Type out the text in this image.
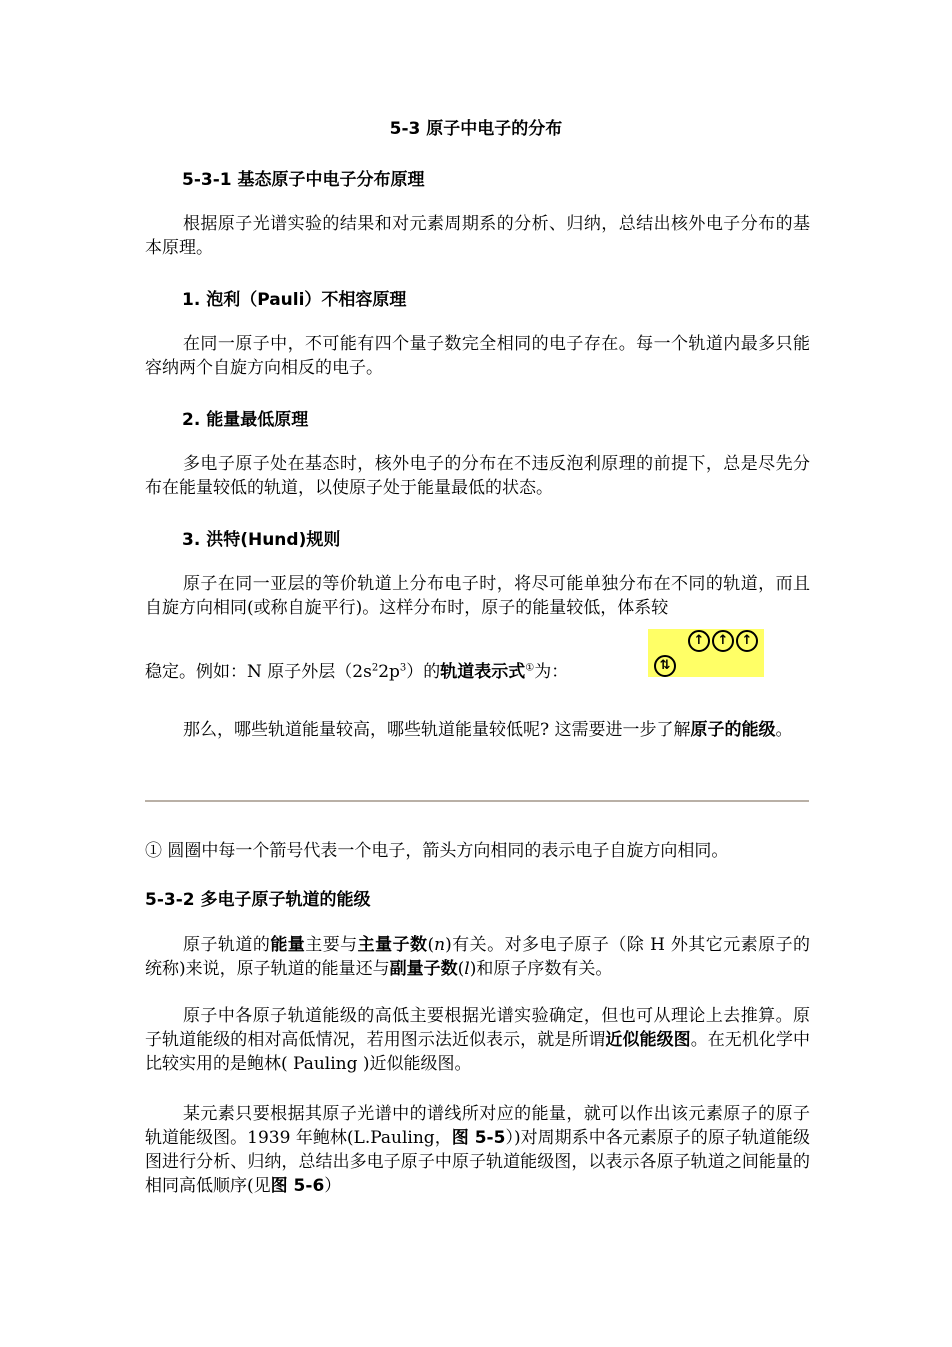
5-3 原子中电子的分布
5-3-1 基态原子中电子分布原理
根据原子光谱实验的结果和对元素周期系的分析、归纳，总结出核外电子分布的基本原理。
1. 泡利（Pauli）不相容原理
在同一原子中，不可能有四个量子数完全相同的电子存在。每一个轨道内最多只能容纳两个自旋方向相反的电子。
2. 能量最低原理
多电子原子处在基态时，核外电子的分布在不违反泡利原理的前提下，总是尽先分布在能量较低的轨道，以使原子处于能量最低的状态。
3. 洪特(Hund)规则
原子在同一亚层的等价轨道上分布电子时，将尽可能单独分布在不同的轨道，而且自旋方向相同(或称自旋平行)。这样分布时，原子的能量较低，体系较
稳定。例如：N 原子外层$(2s^22p^3)$的轨道表示式①为：	⇅
↑	↑	↑
那么，哪些轨道能量较高，哪些轨道能量较低呢? 这需要进一步了解原子的能级。
① 圆圈中每一个箭号代表一个电子，箭头方向相同的表示电子自旋方向相同。
5-3-2 多电子原子轨道的能级
原子轨道的能量主要与主量子数(n)有关。对多电子原子（除 H 外其它元素原子的统称)来说，原子轨道的能量还与副量子数(l)和原子序数有关。
原子中各原子轨道能级的高低主要根据光谱实验确定，但也可从理论上去推算。原子轨道能级的相对高低情况，若用图示法近似表示，就是所谓近似能级图。在无机化学中比较实用的是鲍林( Pauling )近似能级图。
某元素只要根据其原子光谱中的谱线所对应的能量，就可以作出该元素原子的原子轨道能级图。1939 年鲍林(L.Pauling，图 5-5）)对周期系中各元素原子的原子轨道能级图进行分析、归纳，总结出多电子原子中原子轨道能级图，以表示各原子轨道之间能量的相同高低顺序(见图 5-6）
